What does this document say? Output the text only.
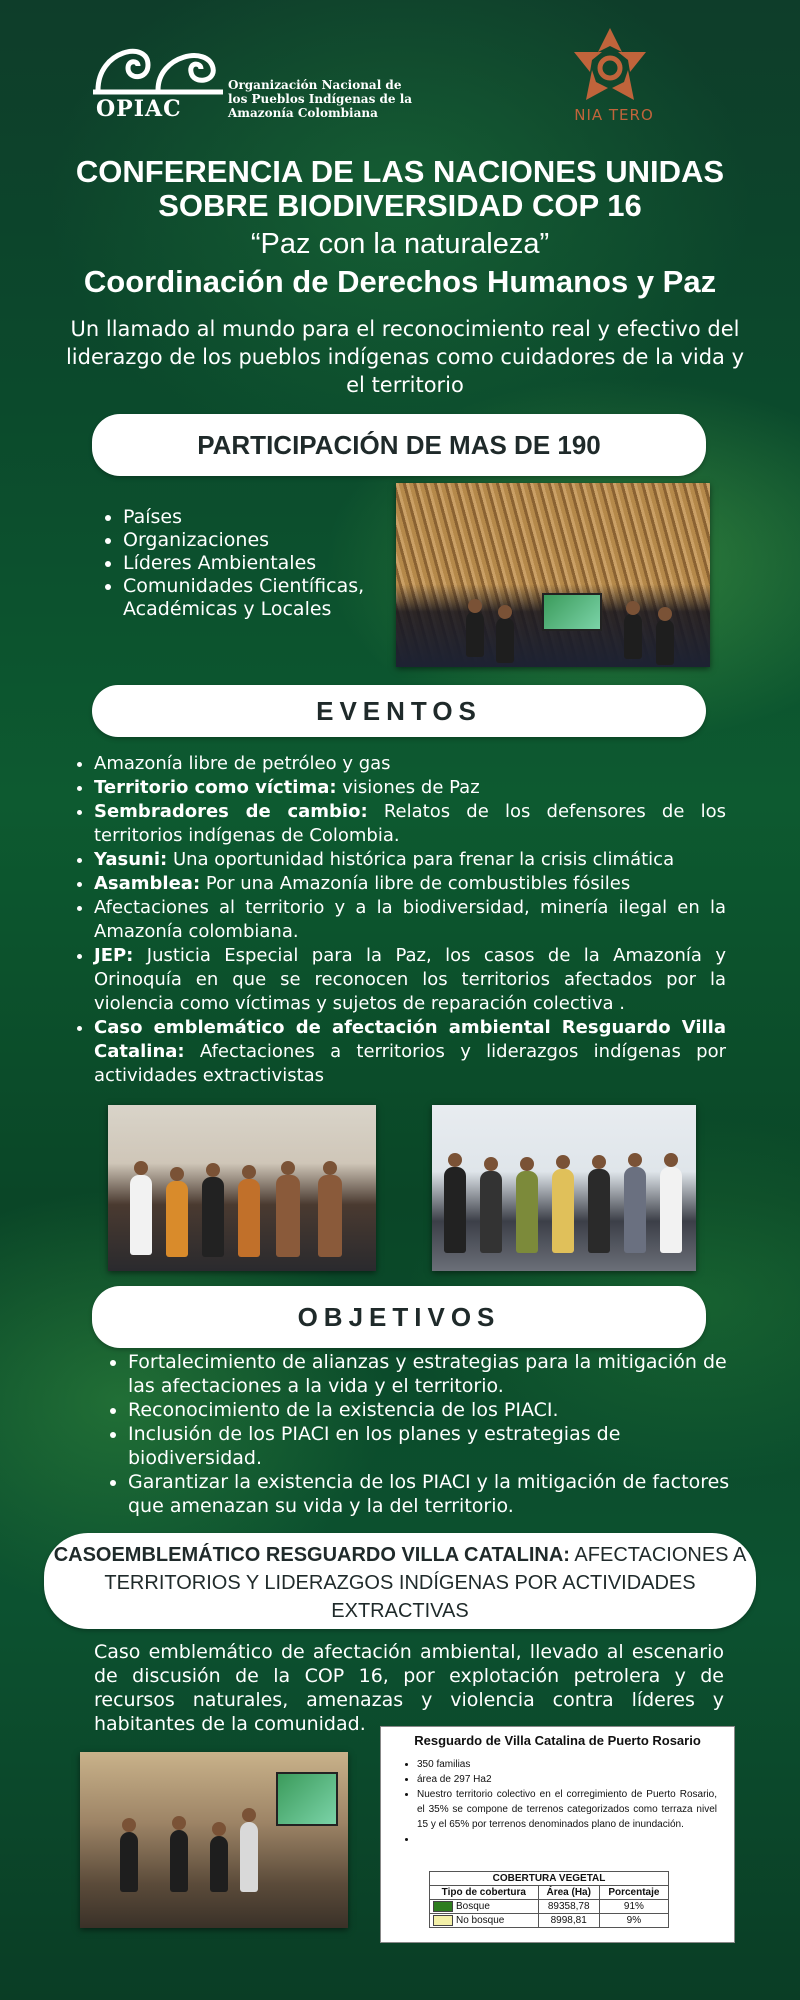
OPIAC
Organización Nacional de los Pueblos Indígenas de la Amazonía Colombiana	NIA TERO
CONFERENCIA DE LAS NACIONES UNIDAS SOBRE BIODIVERSIDAD COP 16
“Paz con la naturaleza”
Coordinación de Derechos Humanos y Paz
Un llamado al mundo para el reconocimiento real y efectivo del liderazgo de los pueblos indígenas como cuidadores de la vida y el territorio
PARTICIPACIÓN DE MAS DE 190
• Países
• Organizaciones
• Líderes Ambientales
• Comunidades Científicas, Académicas y Locales
EVENTOS
• Amazonía libre de petróleo y gas
• Territorio como víctima: visiones de Paz
• Sembradores de cambio: Relatos de los defensores de los territorios indígenas de Colombia.
• Yasuni: Una oportunidad histórica para frenar la crisis climática
• Asamblea: Por una Amazonía libre de combustibles fósiles
• Afectaciones al territorio y a la biodiversidad, minería ilegal en la Amazonía colombiana.
• JEP: Justicia Especial para la Paz, los casos de la Amazonía y Orinoquía en que se reconocen los territorios afectados por la violencia como víctimas y sujetos de reparación colectiva .
• Caso emblemático de afectación ambiental Resguardo Villa Catalina: Afectaciones a territorios y liderazgos indígenas por actividades extractivistas
OBJETIVOS
• Fortalecimiento de alianzas y estrategias para la mitigación de las afectaciones a la vida y el territorio.
• Reconocimiento de la existencia de los PIACI.
• Inclusión de los PIACI en los planes y estrategias de biodiversidad.
• Garantizar la existencia de los PIACI y la mitigación de factores que amenazan su vida y la del territorio.
CASOEMBLEMÁTICO RESGUARDO VILLA CATALINA: AFECTACIONES A TERRITORIOS Y LIDERAZGOS INDÍGENAS POR ACTIVIDADES EXTRACTIVAS
Caso emblemático de afectación ambiental, llevado al escenario de discusión de la COP 16, por explotación petrolera y de recursos naturales, amenazas y violencia contra líderes y habitantes de la comunidad.
Resguardo de Villa Catalina de Puerto Rosario
• 350 familias
• área de 297 Ha2
• Nuestro territorio colectivo en el corregimiento de Puerto Rosario, el 35% se compone de terrenos categorizados como terraza nivel 15 y el 65% por terrenos denominados plano de inundación.
•
COBERTURA VEGETAL		
Tipo de cobertura	Área (Ha)	Porcentaje
Bosque	89358,78	91%
No bosque	8998,81	9%
